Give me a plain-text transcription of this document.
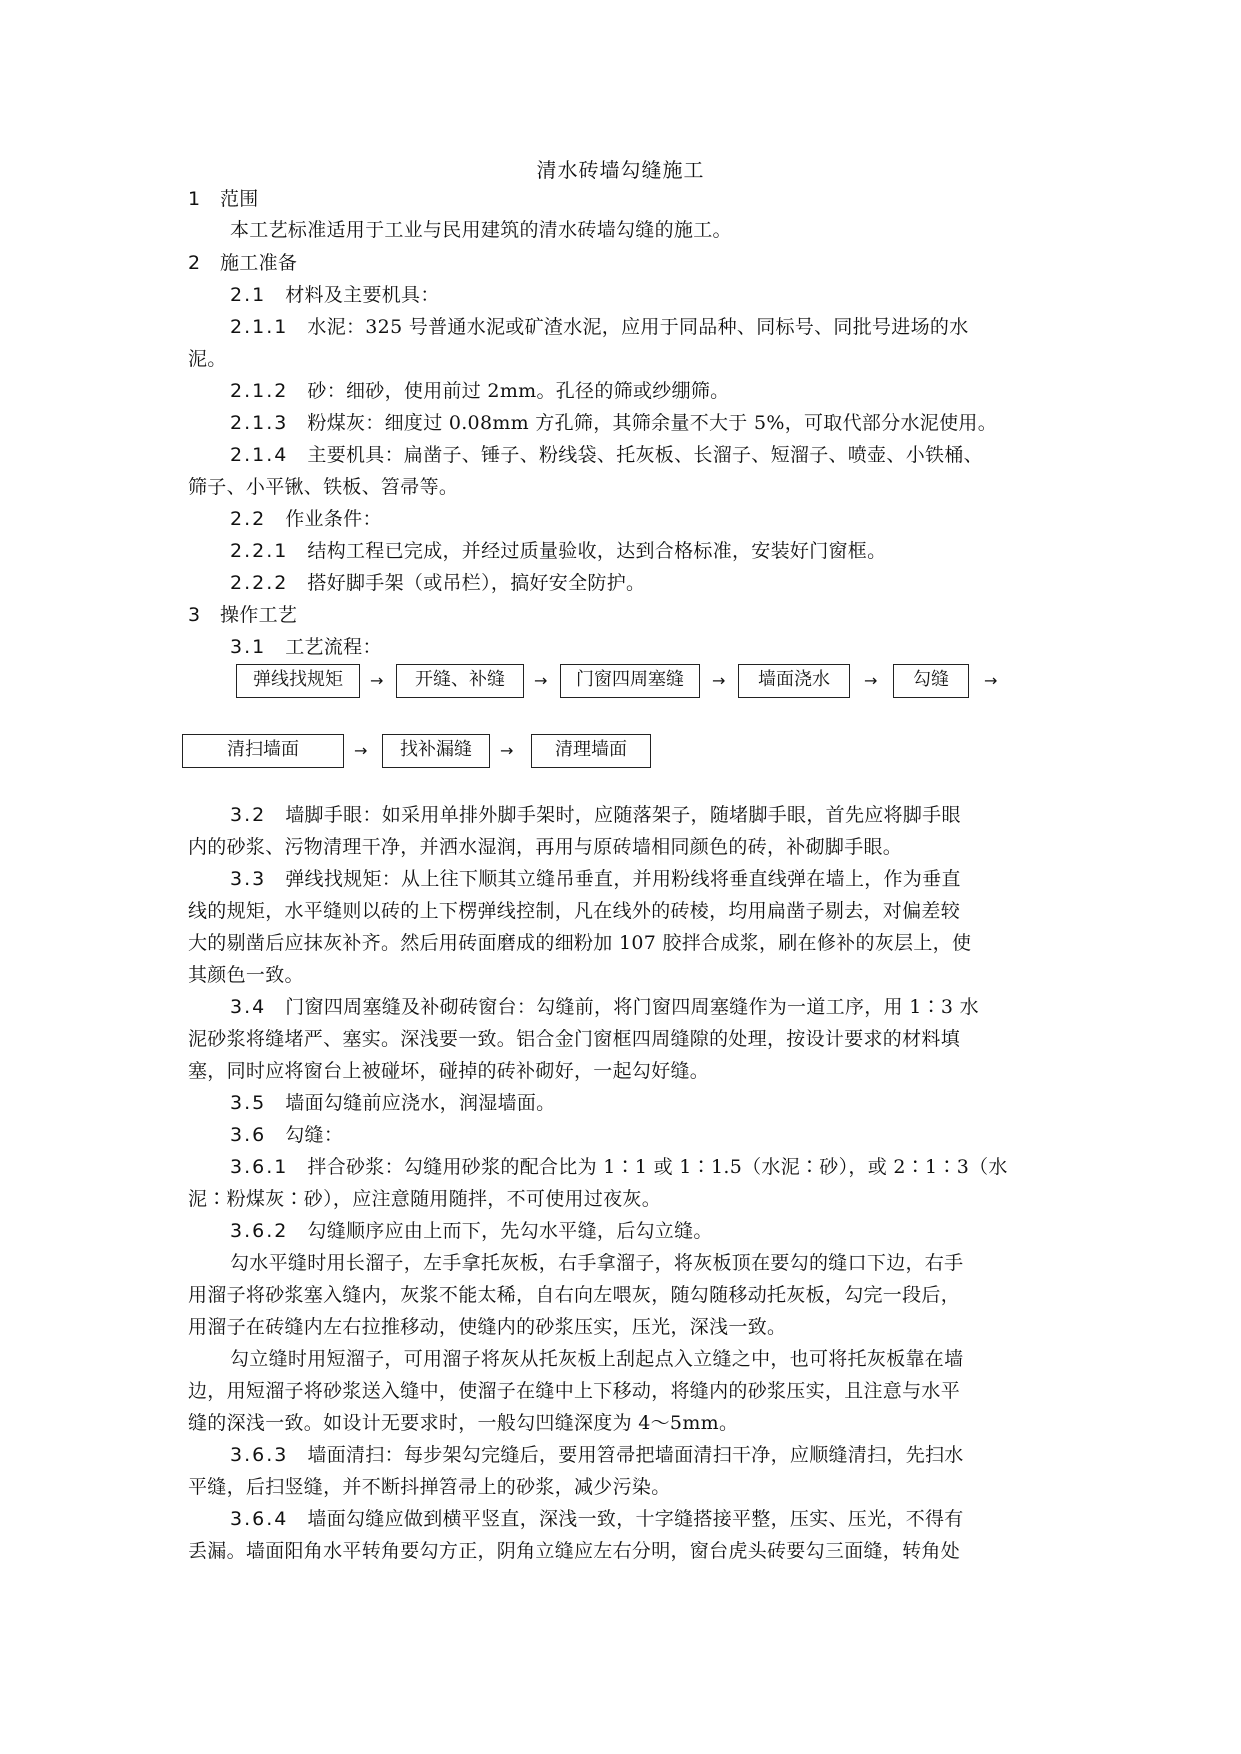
清水砖墙勾缝施工
1 范围
本工艺标准适用于工业与民用建筑的清水砖墙勾缝的施工。
2 施工准备
2.1 材料及主要机具：
2.1.1 水泥：325 号普通水泥或矿渣水泥，应用于同品种、同标号、同批号进场的水
泥。
2.1.2 砂：细砂，使用前过 2mm。孔径的筛或纱绷筛。
2.1.3 粉煤灰：细度过 0.08mm 方孔筛，其筛余量不大于 5%，可取代部分水泥使用。
2.1.4 主要机具：扁凿子、锤子、粉线袋、托灰板、长溜子、短溜子、喷壶、小铁桶、
筛子、小平锹、铁板、笤帚等。
2.2 作业条件：
2.2.1 结构工程已完成，并经过质量验收，达到合格标准，安装好门窗框。
2.2.2 搭好脚手架（或吊栏），搞好安全防护。
3 操作工艺
3.1 工艺流程：
弹线找规矩	→	开缝、补缝	→	门窗四周塞缝	→	墙面浇水	→	勾缝	→
清扫墙面	→	找补漏缝	→	清理墙面
3.2 墙脚手眼：如采用单排外脚手架时，应随落架子，随堵脚手眼，首先应将脚手眼
内的砂浆、污物清理干净，并洒水湿润，再用与原砖墙相同颜色的砖，补砌脚手眼。
3.3 弹线找规矩：从上往下顺其立缝吊垂直，并用粉线将垂直线弹在墙上，作为垂直
线的规矩，水平缝则以砖的上下楞弹线控制，凡在线外的砖棱，均用扁凿子剔去，对偏差较
大的剔凿后应抹灰补齐。然后用砖面磨成的细粉加 107 胶拌合成浆，刷在修补的灰层上，使
其颜色一致。
3.4 门窗四周塞缝及补砌砖窗台：勾缝前，将门窗四周塞缝作为一道工序，用 1∶3 水
泥砂浆将缝堵严、塞实。深浅要一致。铝合金门窗框四周缝隙的处理，按设计要求的材料填
塞，同时应将窗台上被碰坏，碰掉的砖补砌好，一起勾好缝。
3.5 墙面勾缝前应浇水，润湿墙面。
3.6 勾缝：
3.6.1 拌合砂浆：勾缝用砂浆的配合比为 1∶1 或 1∶1.5（水泥∶砂），或 2∶1∶3（水
泥∶粉煤灰∶砂），应注意随用随拌，不可使用过夜灰。
3.6.2 勾缝顺序应由上而下，先勾水平缝，后勾立缝。
勾水平缝时用长溜子，左手拿托灰板，右手拿溜子，将灰板顶在要勾的缝口下边，右手
用溜子将砂浆塞入缝内，灰浆不能太稀，自右向左喂灰，随勾随移动托灰板，勾完一段后，
用溜子在砖缝内左右拉推移动，使缝内的砂浆压实，压光，深浅一致。
勾立缝时用短溜子，可用溜子将灰从托灰板上刮起点入立缝之中，也可将托灰板靠在墙
边，用短溜子将砂浆送入缝中，使溜子在缝中上下移动，将缝内的砂浆压实，且注意与水平
缝的深浅一致。如设计无要求时，一般勾凹缝深度为 4～5mm。
3.6.3 墙面清扫：每步架勾完缝后，要用笤帚把墙面清扫干净，应顺缝清扫，先扫水
平缝，后扫竖缝，并不断抖掸笤帚上的砂浆，减少污染。
3.6.4 墙面勾缝应做到横平竖直，深浅一致，十字缝搭接平整，压实、压光，不得有
丢漏。墙面阳角水平转角要勾方正，阴角立缝应左右分明，窗台虎头砖要勾三面缝，转角处
